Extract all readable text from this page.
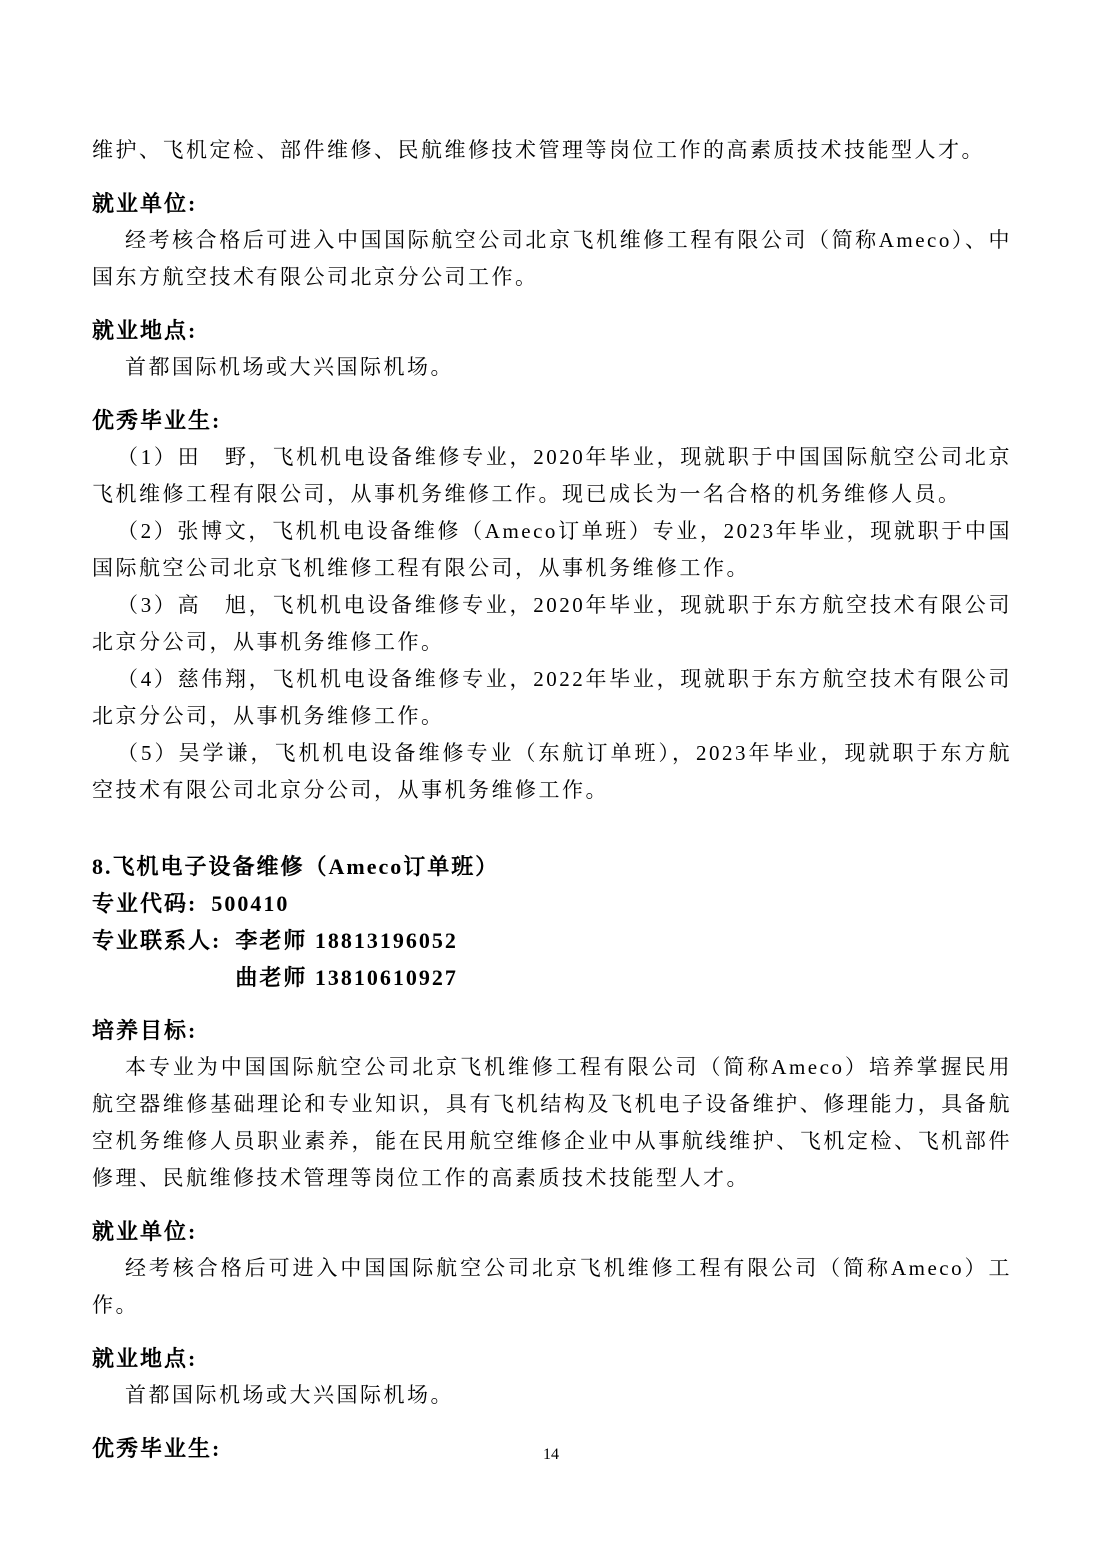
维护、飞机定检、部件维修、民航维修技术管理等岗位工作的高素质技术技能型人才。

就业单位:

经考核合格后可进入中国国际航空公司北京飞机维修工程有限公司（简称Ameco）、中国东方航空技术有限公司北京分公司工作。

就业地点:

首都国际机场或大兴国际机场。

优秀毕业生:

（1）田　野，飞机机电设备维修专业，2020年毕业，现就职于中国国际航空公司北京飞机维修工程有限公司，从事机务维修工作。现已成长为一名合格的机务维修人员。

（2）张博文，飞机机电设备维修（Ameco订单班）专业，2023年毕业，现就职于中国国际航空公司北京飞机维修工程有限公司，从事机务维修工作。

（3）高　旭，飞机机电设备维修专业，2020年毕业，现就职于东方航空技术有限公司北京分公司，从事机务维修工作。

（4）慈伟翔，飞机机电设备维修专业，2022年毕业，现就职于东方航空技术有限公司北京分公司，从事机务维修工作。

（5）吴学谦，飞机机电设备维修专业（东航订单班），2023年毕业，现就职于东方航空技术有限公司北京分公司，从事机务维修工作。

8.飞机电子设备维修（Ameco订单班）

专业代码: 500410
专业联系人: 李老师 18813196052
曲老师 13810610927

培养目标:

本专业为中国国际航空公司北京飞机维修工程有限公司（简称Ameco）培养掌握民用航空器维修基础理论和专业知识，具有飞机结构及飞机电子设备维护、修理能力，具备航空机务维修人员职业素养，能在民用航空维修企业中从事航线维护、飞机定检、飞机部件修理、民航维修技术管理等岗位工作的高素质技术技能型人才。

就业单位:

经考核合格后可进入中国国际航空公司北京飞机维修工程有限公司（简称Ameco）工作。

就业地点:

首都国际机场或大兴国际机场。

优秀毕业生:	14
